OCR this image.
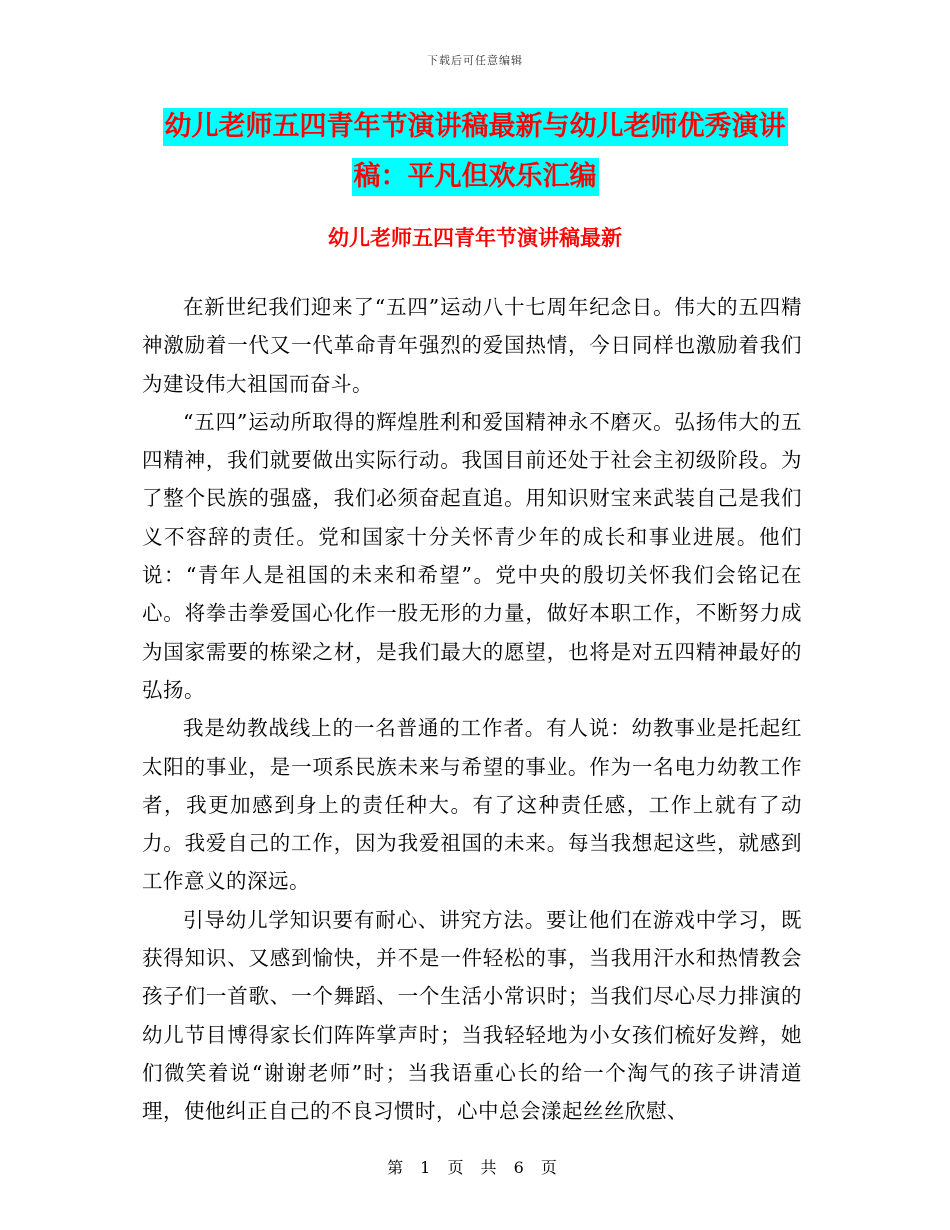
下载后可任意编辑
幼儿老师五四青年节演讲稿最新与幼儿老师优秀演讲
稿：平凡但欢乐汇编
幼儿老师五四青年节演讲稿最新

在新世纪我们迎来了“五四”运动八十七周年纪念日。伟大的五四精神激励着一代又一代革命青年强烈的爱国热情，今日同样也激励着我们为建设伟大祖国而奋斗。

“五四”运动所取得的辉煌胜利和爱国精神永不磨灭。弘扬伟大的五四精神，我们就要做出实际行动。我国目前还处于社会主初级阶段。为了整个民族的强盛，我们必须奋起直追。用知识财宝来武装自己是我们义不容辞的责任。党和国家十分关怀青少年的成长和事业进展。他们说：“青年人是祖国的未来和希望”。党中央的殷切关怀我们会铭记在心。将拳击拳爱国心化作一股无形的力量，做好本职工作，不断努力成为国家需要的栋梁之材，是我们最大的愿望，也将是对五四精神最好的弘扬。

我是幼教战线上的一名普通的工作者。有人说：幼教事业是托起红太阳的事业，是一项系民族未来与希望的事业。作为一名电力幼教工作者，我更加感到身上的责任种大。有了这种责任感，工作上就有了动力。我爱自己的工作，因为我爱祖国的未来。每当我想起这些，就感到工作意义的深远。

引导幼儿学知识要有耐心、讲究方法。要让他们在游戏中学习，既获得知识、又感到愉快，并不是一件轻松的事，当我用汗水和热情教会孩子们一首歌、一个舞蹈、一个生活小常识时；当我们尽心尽力排演的幼儿节目博得家长们阵阵掌声时；当我轻轻地为小女孩们梳好发辫，她们微笑着说“谢谢老师”时；当我语重心长的给一个淘气的孩子讲清道理，使他纠正自己的不良习惯时，心中总会漾起丝丝欣慰、

第 1 页 共 6 页
